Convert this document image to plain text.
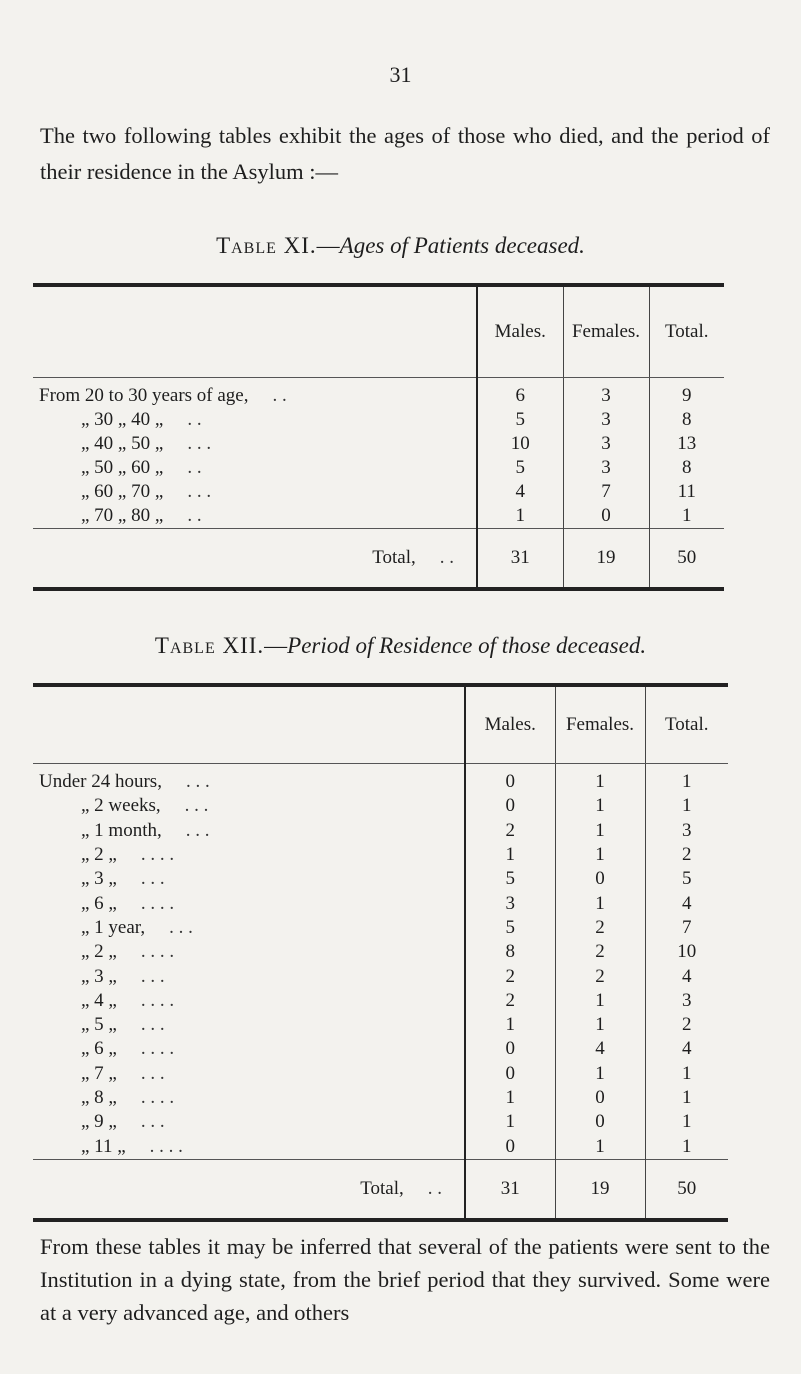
31
The two following tables exhibit the ages of those who died, and the period of their residence in the Asylum :—
Table XI.—Ages of Patients deceased.
	Males.	Females.	Total.
From 20 to 30 years of age, . .	6	3	9
„ 30 „ 40 „ . .	5	3	8
„ 40 „ 50 „ . . .	10	3	13
„ 50 „ 60 „ . .	5	3	8
„ 60 „ 70 „ . . .	4	7	11
„ 70 „ 80 „ . .	1	0	1
Total, . .	31	19	50
Table XII.—Period of Residence of those deceased.
	Males.	Females.	Total.
Under 24 hours, . . .	0	1	1
„ 2 weeks, . . .	0	1	1
„ 1 month, . . .	2	1	3
„ 2 „ . . . .	1	1	2
„ 3 „ . . .	5	0	5
„ 6 „ . . . .	3	1	4
„ 1 year, . . .	5	2	7
„ 2 „ . . . .	8	2	10
„ 3 „ . . .	2	2	4
„ 4 „ . . . .	2	1	3
„ 5 „ . . .	1	1	2
„ 6 „ . . . .	0	4	4
„ 7 „ . . .	0	1	1
„ 8 „ . . . .	1	0	1
„ 9 „ . . .	1	0	1
„ 11 „ . . . .	0	1	1
Total, . .	31	19	50
From these tables it may be inferred that several of the patients were sent to the Institution in a dying state, from the brief period that they survived. Some were at a very advanced age, and others
